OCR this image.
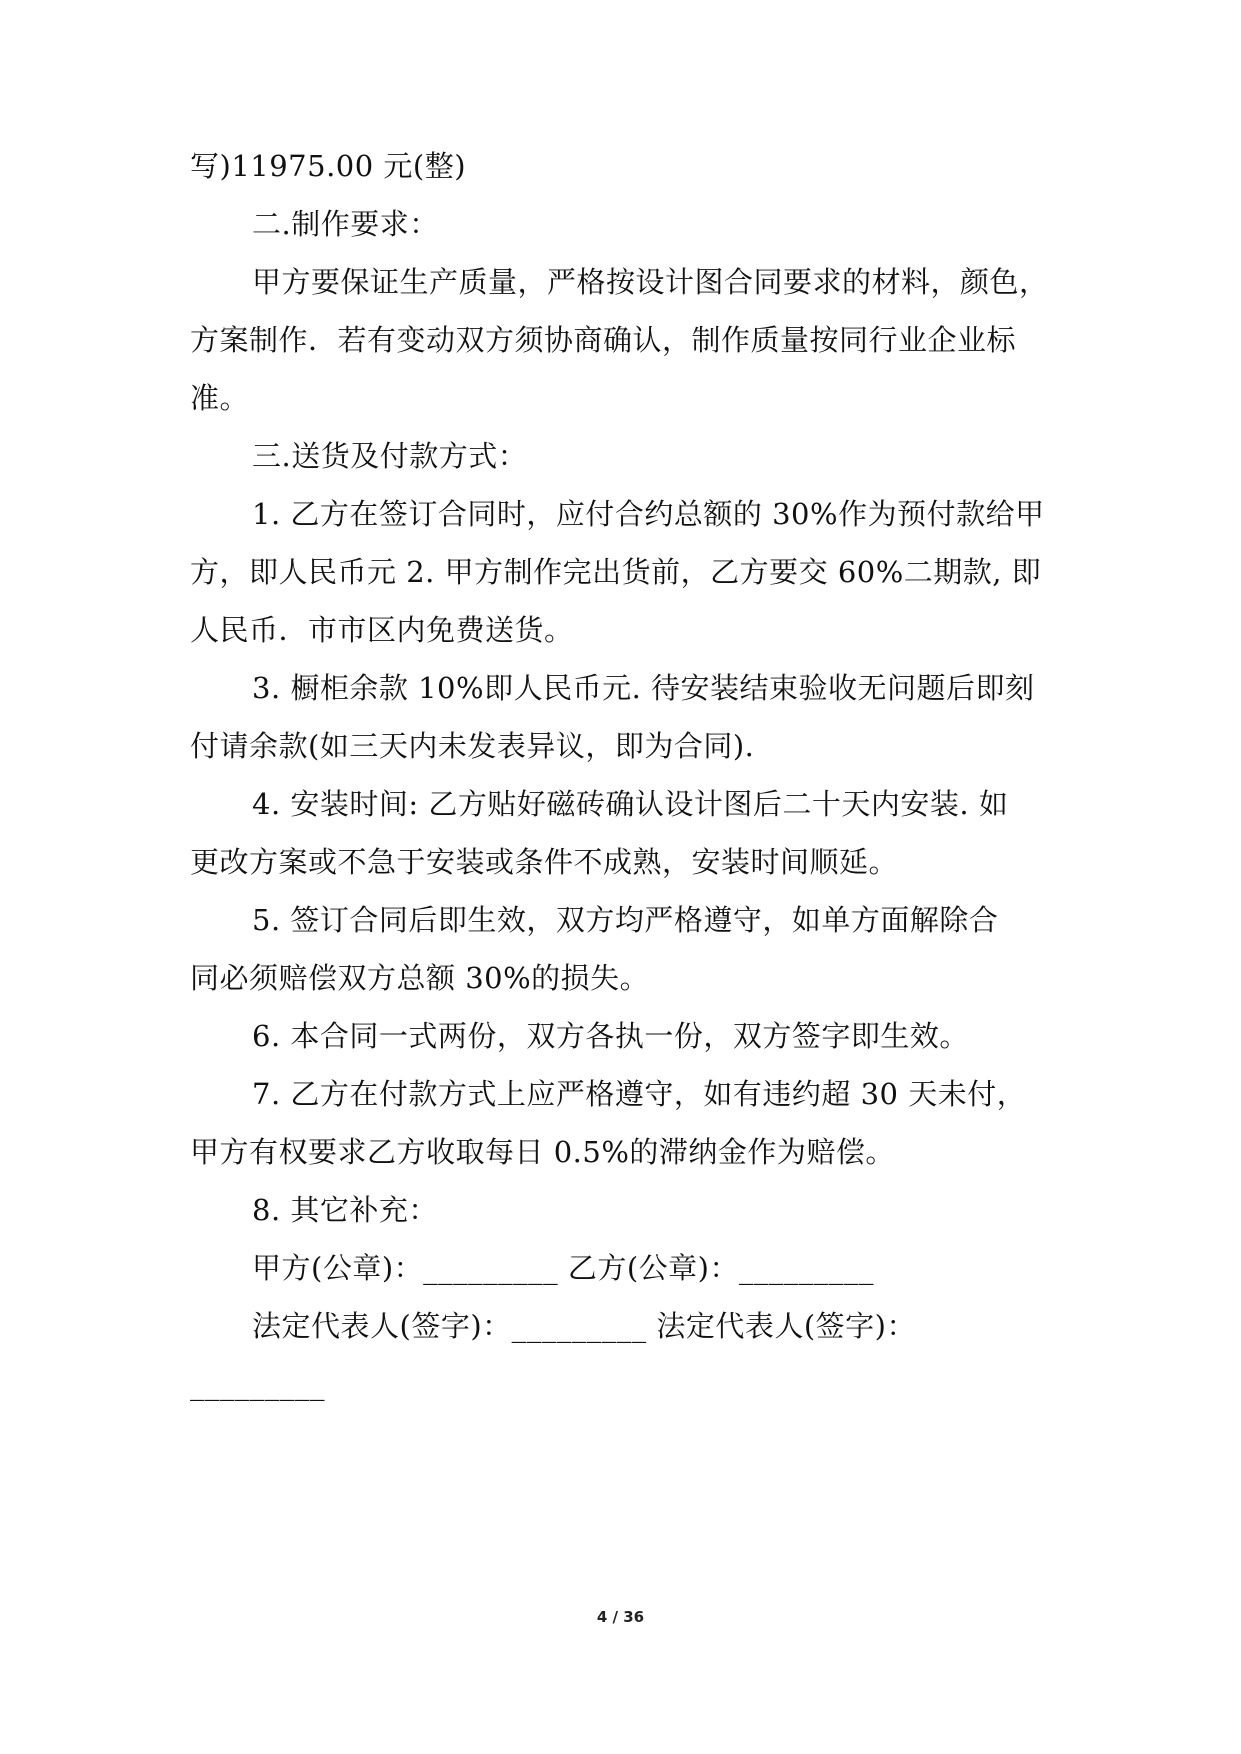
写)11975.00 元(整)
二.制作要求：
甲方要保证生产质量，严格按设计图合同要求的材料，颜色，
方案制作．若有变动双方须协商确认，制作质量按同行业企业标
准。
三.送货及付款方式：
1. 乙方在签订合同时，应付合约总额的 30%作为预付款给甲
方，即人民币元 2. 甲方制作完出货前，乙方要交 60%二期款, 即
人民币．市市区内免费送货。
3. 橱柜余款 10%即人民币元. 待安装结束验收无问题后即刻
付请余款(如三天内未发表异议，即为合同).
4. 安装时间: 乙方贴好磁砖确认设计图后二十天内安装. 如
更改方案或不急于安装或条件不成熟，安装时间顺延。
5. 签订合同后即生效，双方均严格遵守，如单方面解除合
同必须赔偿双方总额 30%的损失。
6. 本合同一式两份，双方各执一份，双方签字即生效。
7. 乙方在付款方式上应严格遵守，如有违约超 30 天未付，
甲方有权要求乙方收取每日 0.5%的滞纳金作为赔偿。
8. 其它补充：
甲方(公章)：_________ 乙方(公章)：_________
法定代表人(签字)：_________ 法定代表人(签字)：
_________
4 / 36
